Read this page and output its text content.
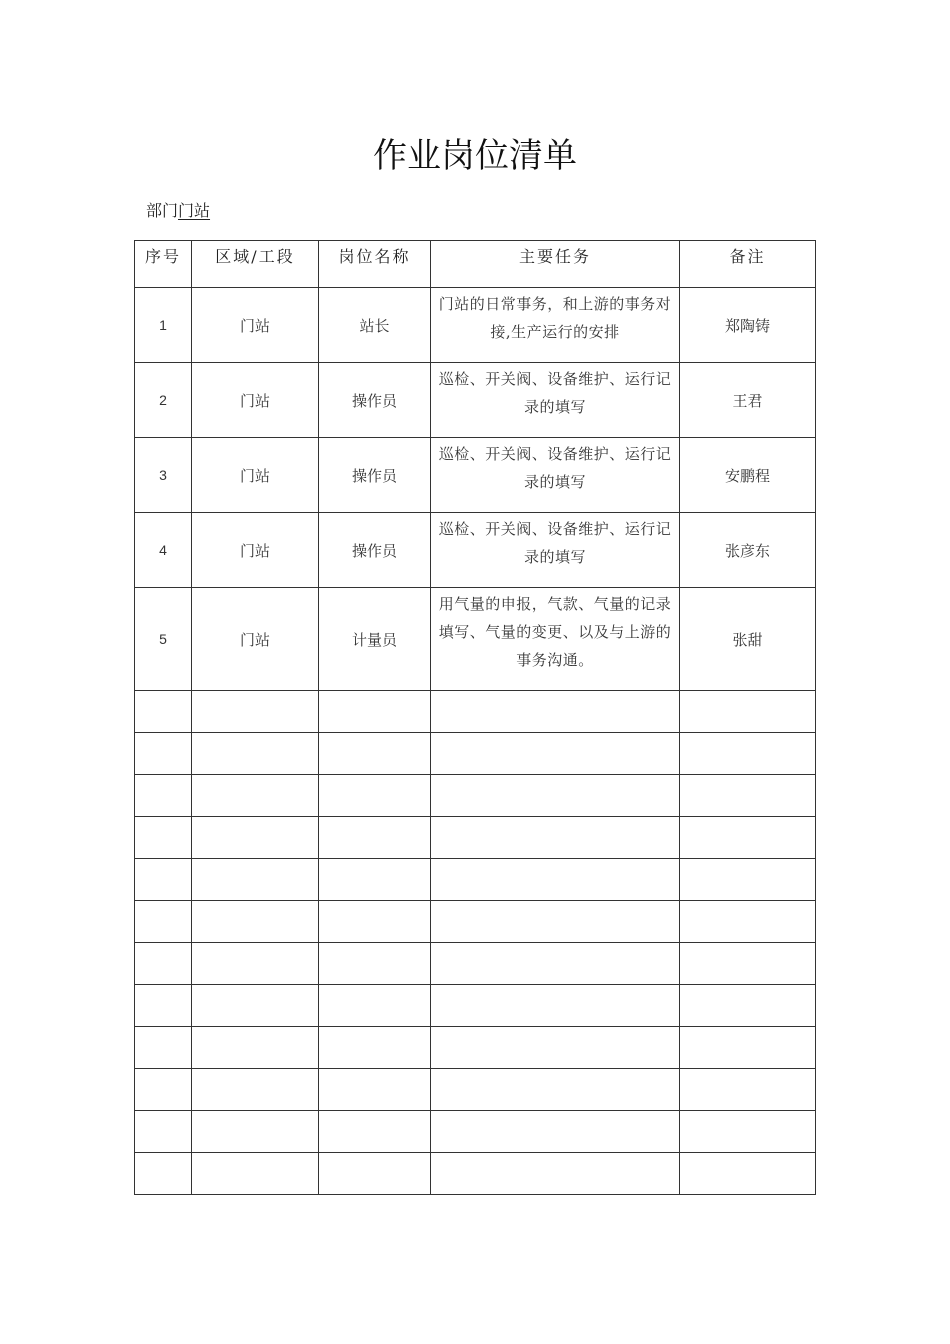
作业岗位清单
部门门站
序号	区域/工段	岗位名称	主要任务	备注
1	门站	站长	门站的日常事务，和上游的事务对接,生产运行的安排	郑陶铸
2	门站	操作员	巡检、开关阀、设备维护、运行记录的填写	王君
3	门站	操作员	巡检、开关阀、设备维护、运行记录的填写	安鹏程
4	门站	操作员	巡检、开关阀、设备维护、运行记录的填写	张彦东
5	门站	计量员	用气量的申报，气款、气量的记录填写、气量的变更、以及与上游的事务沟通。	张甜
